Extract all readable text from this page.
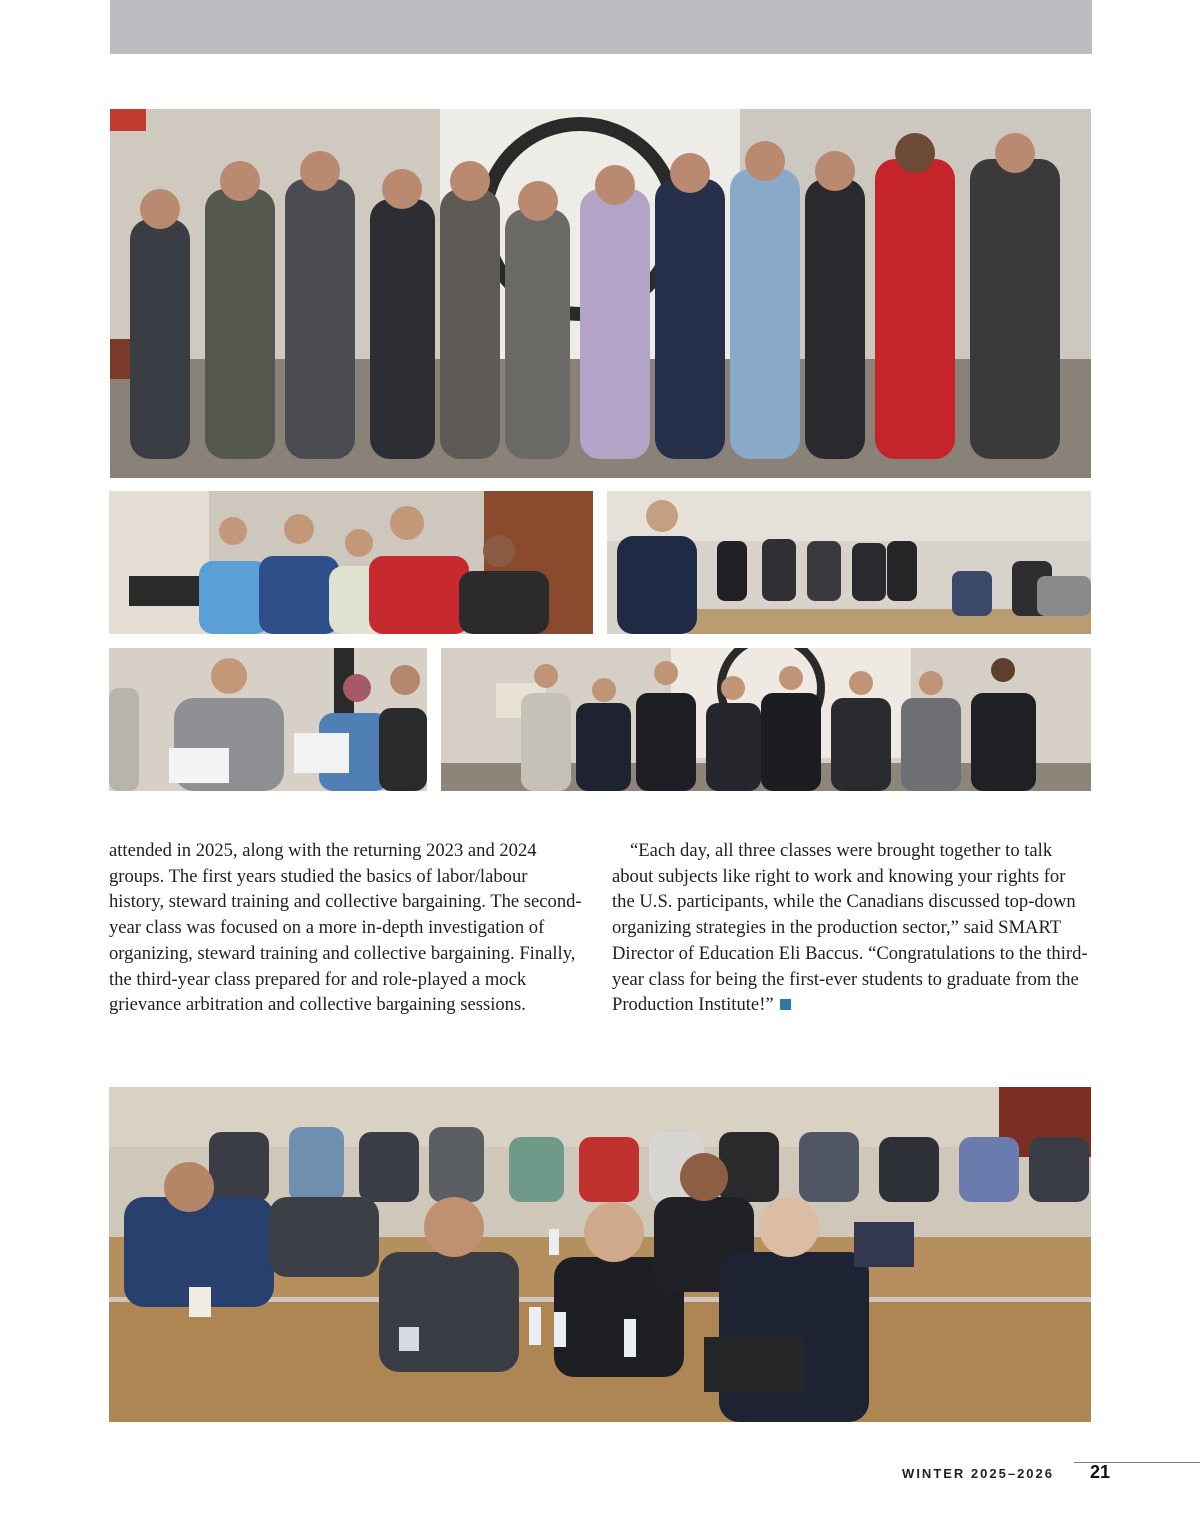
attended in 2025, along with the returning 2023 and 2024 groups. The first years studied the basics of labor/labour history, steward training and collective bargaining. The second-year class was focused on a more in-depth investigation of organizing, steward training and collective bargaining. Finally, the third-year class prepared for and role-played a mock grievance arbitration and collective bargaining sessions.

“Each day, all three classes were brought together to talk about subjects like right to work and knowing your rights for the U.S. participants, while the Canadians discussed top-down organizing strategies in the production sector,” said SMART Director of Education Eli Baccus. “Congratulations to the third-year class for being the first-ever students to graduate from the Production Institute!”

WINTER 2025–2026 21
